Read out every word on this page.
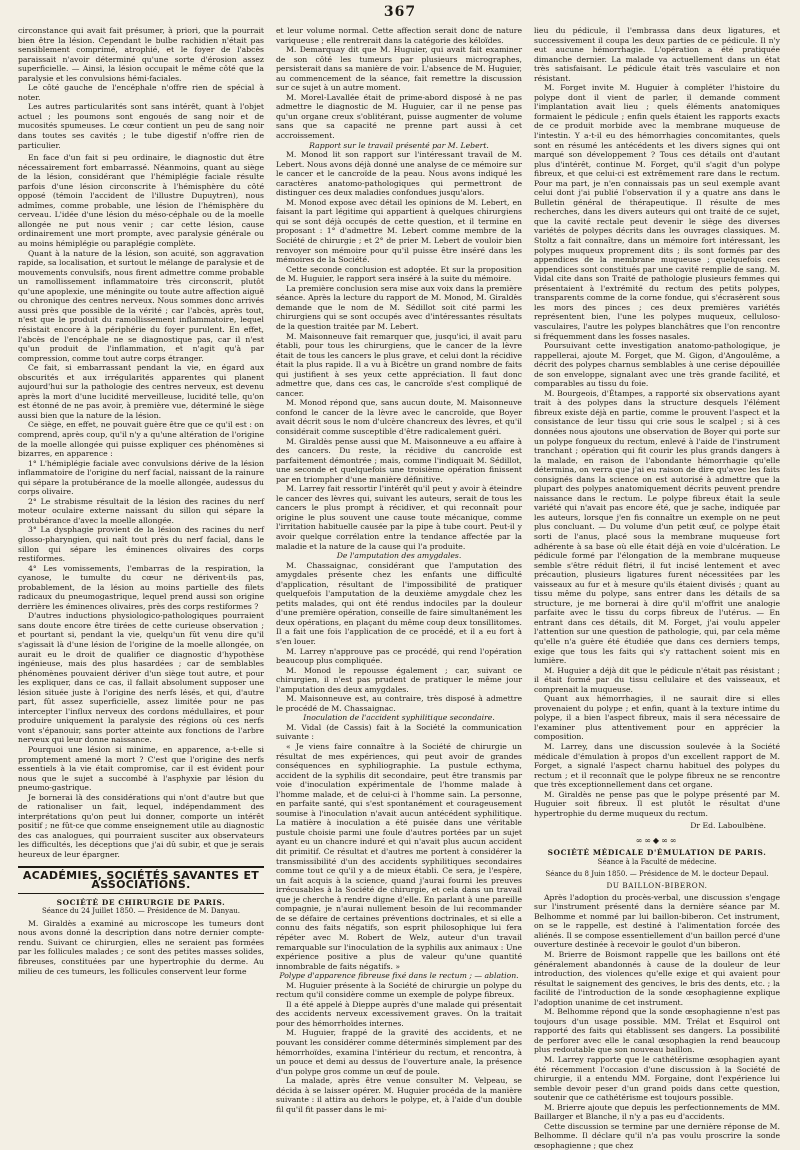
367

circonstance qui avait fait présumer, à priori, que la pourrait bien être la lésion. Cependant le bulbe rachidien n'était pas sensiblement comprimé, atrophié, et le foyer de l'abcès paraissait n'avoir déterminé qu'une sorte d'érosion assez superficielle. — Ainsi, la lésion occupait le même côté que la paralysie et les convulsions hémi-faciales.

Le côté gauche de l'encéphale n'offre rien de spécial à noter.

Les autres particularités sont sans intérêt, quant à l'objet actuel ; les poumons sont engoués de sang noir et de mucosités spumeuses. Le cœur contient un peu de sang noir dans toutes ses cavités ; le tube digestif n'offre rien de particulier.

En face d'un fait si peu ordinaire, le diagnostic dut être nécessairement fort embarrassé. Néanmoins, quant au siège de la lésion, considérant que l'hémiplégie faciale résulte parfois d'une lésion circonscrite à l'hémisphère du côté opposé (témoin l'accident de l'illustre Dupuytren), nous admîmes, comme probable, une lésion de l'hémisphère du cerveau. L'idée d'une lésion du méso-céphale ou de la moelle allongée ne put nous venir ; car cette lésion, cause ordinairement une mort prompte, avec paralysie générale ou au moins hémiplégie ou paraplégie complète.

Quant à la nature de la lésion, son acuité, son aggravation rapide, sa localisation, et surtout le mélange de paralysie et de mouvements convulsifs, nous firent admettre comme probable un ramollissement inflammatoire très circonscrit, plutôt qu'une apoplexie, une méningite ou toute autre affection aiguë ou chronique des centres nerveux. Nous sommes donc arrivés aussi près que possible de la vérité ; car l'abcès, après tout, n'est que le produit du ramollissement inflammatoire, lequel résistait encore à la périphérie du foyer purulent. En effet, l'abcès de l'encéphale ne se diagnostique pas, car il n'est qu'un produit de l'inflammation, et n'agit qu'à par compression, comme tout autre corps étranger.

Ce fait, si embarrassant pendant la vie, en égard aux obscurités et aux irrégularités apparentes qui planent aujourd'hui sur la pathologie des centres nerveux, est devenu après la mort d'une lucidité merveilleuse, lucidité telle, qu'on est étonné de ne pas avoir, à première vue, déterminé le siège aussi bien que la nature de la lésion.

Ce siège, en effet, ne pouvait guère être que ce qu'il est : on comprend, après coup, qu'il n'y a qu'une altération de l'origine de la moelle allongée qui puisse expliquer ces phénomènes si bizarres, en apparence :

1° L'hémiplégie faciale avec convulsions dérive de la lésion inflammatoire de l'origine du nerf facial, naissant de la rainure qui sépare la protubérance de la moelle allongée, audessus du corps olivaire.

2° Le strabisme résultait de la lésion des racines du nerf moteur oculaire externe naissant du sillon qui sépare la protubérance d'avec la moelle allongée.

3° La dysphagie provient de la lésion des racines du nerf glosso-pharyngien, qui naît tout près du nerf facial, dans le sillon qui sépare les éminences olivaires des corps restiformes.

4° Les vomissements, l'embarras de la respiration, la cyanose, le tumulte du cœur ne dérivent-ils pas, probablement, de la lésion au moins partielle des filets radicaux du pneumogastrique, lequel prend aussi son origine derrière les éminences olivaires, près des corps restiformes ?

D'autres inductions physiologico-pathologiques pourraient sans doute encore être tirées de cette curieuse observation ; et pourtant si, pendant la vie, quelqu'un fût venu dire qu'il s'agissait là d'une lésion de l'origine de la moelle allongée, on aurait eu le droit de qualifier ce diagnostic d'hypothèse ingénieuse, mais des plus hasardées ; car de semblables phénomènes pouvaient dériver d'un siège tout autre, et pour les expliquer, dans ce cas, il fallait absolument supposer une lésion située juste à l'origine des nerfs lésés, et qui, d'autre part, fût assez superficielle, assez limitée pour ne pas intercepter l'influx nerveux des cordons médullaires, et pour produire uniquement la paralysie des régions où ces nerfs vont s'épanouir, sans porter atteinte aux fonctions de l'arbre nerveux qui leur donne naissance.

Pourquoi une lésion si minime, en apparence, a-t-elle si promptement amené la mort ? C'est que l'origine des nerfs essentiels à la vie était compromise, car il est évident pour nous que le sujet a succombé à l'asphyxie par lésion du pneumo-gastrique.

Je bornerai là des considérations qui n'ont d'autre but que de rationaliser un fait, lequel, indépendamment des interprétations qu'on peut lui donner, comporte un intérêt positif ; ne fût-ce que comme enseignement utile au diagnostic des cas analogues, qui pourraient susciter aux observateurs les difficultés, les déceptions que j'ai dû subir, et que je serais heureux de leur épargner.

ACADÉMIES, SOCIÉTÉS SAVANTES ET ASSOCIATIONS.
SOCIÉTÉ DE CHIRURGIE DE PARIS.
Séance du 24 Juillet 1850. — Présidence de M. Danyau.

M. Giraldès a examiné au microscope les tumeurs dont nous avons donné la description dans notre dernier compte-rendu. Suivant ce chirurgien, elles ne seraient pas formées par les follicules malades ; ce sont des petites masses solides, fibreuses, constituées par une hypertrophie du derme. Au milieu de ces tumeurs, les follicules conservent leur forme

et leur volume normal. Cette affection serait donc de nature variqueuse ; elle rentrerait dans la catégorie des kéloïdes.

M. Demarquay dit que M. Huguier, qui avait fait examiner de son côté les tumeurs par plusieurs micrographes, persisterait dans sa manière de voir. L'absence de M. Huguier, au commencement de la séance, fait remettre la discussion sur ce sujet à un autre moment.

M. Morel-Lavallée était de prime-abord disposé à ne pas admettre le diagnostic de M. Huguier, car il ne pense pas qu'un organe creux s'oblitérant, puisse augmenter de volume sans que sa capacité ne prenne part aussi à cet accroissement.

Rapport sur le travail présenté par M. Lebert.

M. Monod lit son rapport sur l'intéressant travail de M. Lebert. Nous avons déjà donné une analyse de ce mémoire sur le cancer et le cancroïde de la peau. Nous avons indiqué les caractères anatomo-pathologiques qui permettront de distinguer ces deux maladies confondues jusqu'alors.

M. Monod expose avec détail les opinions de M. Lebert, en faisant la part légitime qui appartient à quelques chirurgiens qui se sont déjà occupés de cette question, et il termine en proposant : 1° d'admettre M. Lebert comme membre de la Société de chirurgie ; et 2° de prier M. Lebert de vouloir bien renvoyer son mémoire pour qu'il puisse être inséré dans les mémoires de la Société.

Cette seconde conclusion est adoptée. Et sur la proposition de M. Huguier, le rapport sera inséré à la suite du mémoire.

La première conclusion sera mise aux voix dans la première séance. Après la lecture du rapport de M. Monod, M. Giraldès demande que le nom de M. Sédillot soit cité parmi les chirurgiens qui se sont occupés avec d'intéressantes résultats de la question traitée par M. Lebert.

M. Maisonneuve fait remarquer que, jusqu'ici, il avait paru établi, pour tous les chirurgiens, que le cancer de la lèvre était de tous les cancers le plus grave, et celui dont la récidive était la plus rapide. Il a vu à Bicêtre un grand nombre de faits qui justifient à ses yeux cette appréciation. Il faut donc admettre que, dans ces cas, le cancroïde s'est compliqué de cancer.

M. Monod répond que, sans aucun doute, M. Maisonneuve confond le cancer de la lèvre avec le cancroïde, que Boyer avait décrit sous le nom d'ulcère chancreux des lèvres, et qu'il considérait comme susceptible d'être radicalement guéri.

M. Giraldès pense aussi que M. Maisonneuve a eu affaire à des cancers. Du reste, la récidive du cancroïde est parfaitement démontrée ; mais, comme l'indiquait M. Sédillot, une seconde et quelquefois une troisième opération finissent par en triompher d'une manière définitive.

M. Larrey fait ressortir l'intérêt qu'il peut y avoir à éteindre le cancer des lèvres qui, suivant les auteurs, serait de tous les cancers le plus prompt à récidiver, et qui reconnaît pour origine le plus souvent une cause toute mécanique, comme l'irritation habituelle causée par la pipe à tube court. Peut-il y avoir quelque corrélation entre la tendance affectée par la maladie et la nature de la cause qui l'a produite.

De l'amputation des amygdales.

M. Chassaignac, considérant que l'amputation des amygdales présente chez les enfants une difficulté d'application, résultant de l'impossibilité de pratiquer quelquefois l'amputation de la deuxième amygdale chez les petits malades, qui ont été rendus indociles par la douleur d'une première opération, conseille de faire simultanément les deux opérations, en plaçant du même coup deux tonsillitomes. Il a fait une fois l'application de ce procédé, et il a eu fort à s'en louer.

M. Larrey n'approuve pas ce procédé, qui rend l'opération beaucoup plus compliquée.

M. Monod le repousse également ; car, suivant ce chirurgien, il n'est pas prudent de pratiquer le même jour l'amputation des deux amygdales.

M. Maisonneuve est, au contraire, très disposé à admettre le procédé de M. Chassaignac.

Inoculation de l'accident syphilitique secondaire.

M. Vidal (de Cassis) fait à la Société la communication suivante :

« Je viens faire connaître à la Société de chirurgie un résultat de mes expériences, qui peut avoir de grandes conséquences en syphiliographie. La pustule ecthyma, accident de la syphilis dit secondaire, peut être transmis par voie d'inoculation expérimentale de l'homme malade à l'homme malade, et de celui-ci à l'homme sain. La personne, en parfaite santé, qui s'est spontanément et courageusement soumise à l'inoculation n'avait aucun antécédent syphilitique. La matière à inoculation a été puisée dans une véritable pustule choisie parmi une foule d'autres portées par un sujet ayant eu un chancre induré et qui n'avait plus aucun accident dit primitif. Ce résultat et d'autres me portent à considérer la transmissibilité d'un des accidents syphilitiques secondaires comme tout ce qu'il y a de mieux établi. Ce sera, je l'espère, un fait acquis à la science, quand j'aurai fourni les preuves irrécusables à la Société de chirurgie, et cela dans un travail que je cherche à rendre digne d'elle. En parlant à une pareille compagnie, je n'aurai nullement besoin de lui recommander de se défaire de certaines préventions doctrinales, et si elle a connu des faits négatifs, son esprit philosophique lui fera répéter avec M. Robert de Welz, auteur d'un travail remarquable sur l'inoculation de la syphilis aux animaux : Une expérience positive a plus de valeur qu'une quantité innombrable de faits négatifs. »

Polype d'apparence fibreuse fixé dans le rectum ; — ablation.

M. Huguier présente à la Société de chirurgie un polype du rectum qu'il considère comme un exemple de polype fibreux.

Il a été appelé à Dieppe auprès d'une malade qui présentait des accidents nerveux excessivement graves. On la traitait pour des hémorrhoïdes internes.

M. Huguier, frappé de la gravité des accidents, et ne pouvant les considérer comme déterminés simplement par des hémorrhoïdes, examina l'intérieur du rectum, et rencontra, à un pouce et demi au dessus de l'ouverture anale, la présence d'un polype gros comme un œuf de poule.

La malade, après être venue consulter M. Velpeau, se décida à se laisser opérer. M. Huguier procéda de la manière suivante : il attira au dehors le polype, et, à l'aide d'un double fil qu'il fit passer dans le mi-

lieu du pédicule, il l'embrassa dans deux ligatures, et successivement il coupa les deux parties de ce pédicule. Il n'y eut aucune hémorrhagie. L'opération a été pratiquée dimanche dernier. La malade va actuellement dans un état très satisfaisant. Le pédicule était très vasculaire et non résistant.

M. Forget invite M. Huguier à compléter l'histoire du polype dont il vient de parler, il demande comment l'implantation avait lieu ; quels éléments anatomiques formaient le pédicule ; enfin quels étaient les rapports exacts de ce produit morbide avec la membrane muqueuse de l'intestin. Y a-t-il eu des hémorrhagies concomitantes, quels sont en résumé les antécédents et les divers signes qui ont marqué son développement ? Tous ces détails ont d'autant plus d'intérêt, continue M. Forget, qu'il s'agit d'un polype fibreux, et que celui-ci est extrêmement rare dans le rectum. Pour ma part, je n'en connaissais pas un seul exemple avant celui dont j'ai publié l'observation il y a quatre ans dans le Bulletin général de thérapeutique. Il résulte de mes recherches, dans les divers auteurs qui ont traité de ce sujet, que la cavité rectale peut devenir le siège des diverses variétés de polypes décrits dans les ouvrages classiques. M. Stoltz a fait connaître, dans un mémoire fort intéressant, les polypes muqueux proprement dits ; ils sont formés par des appendices de la membrane muqueuse ; quelquefois ces appendices sont constitués par une cavité remplie de sang. M. Vidal cite dans son Traité de pathologie plusieurs femmes qui présentaient à l'extrémité du rectum des petits polypes, transparents comme de la corne fondue, qui s'écrasèrent sous les mors des pinces ; ces deux premières variétés représentent bien, l'une les polypes muqueux, celluloso-vasculaires, l'autre les polypes blanchâtres que l'on rencontre si fréquemment dans les fosses nasales.

Poursuivant cette investigation anatomo-pathologique, je rappellerai, ajoute M. Forget, que M. Gigon, d'Angoulême, a décrit des polypes charnus semblables à une cerise dépouillée de son enveloppe, signalant avec une très grande facilité, et comparables au tissu du foie.

M. Bourgeois, d'Étampes, a rapporté six observations ayant trait à des polypes dans la structure desquels l'élément fibreux existe déjà en partie, comme le prouvent l'aspect et la consistance de leur tissu qui crie sous le scalpel ; si à ces données nous ajoutons une observation de Boyer qui porte sur un polype fongueux du rectum, enlevé à l'aide de l'instrument tranchant ; opération qui fit courir les plus grands dangers à la malade, en raison de l'abondante hémorrhagie qu'elle détermina, on verra que j'ai eu raison de dire qu'avec les faits consignés dans la science on est autorisé à admettre que la plupart des polypes anatomiquement décrits peuvent prendre naissance dans le rectum. Le polype fibreux était la seule variété qui n'avait pas encore été, que je sache, indiquée par les auteurs, lorsque j'en fis connaître un exemple on ne peut plus concluant. — Du volume d'un petit œuf, ce polype était sorti de l'anus, placé sous la membrane muqueuse fort adhérente à sa base où elle était déjà en voie d'ulcération. Le pédicule formé par l'élongation de la membrane muqueuse semble s'être réduit flétri, il fut incisé lentement et avec précaution, plusieurs ligatures furent nécessitées par les vaisseaux au fur et à mesure qu'ils étaient divisés ; quant au tissu même du polype, sans entrer dans les détails de sa structure, je me bornerai à dire qu'il m'offrit une analogie parfaite avec le tissu du corps fibreux de l'utérus. — En entrant dans ces détails, dit M. Forget, j'ai voulu appeler l'attention sur une question de pathologie, qui, par cela même qu'elle n'a guère été étudiée que dans ces derniers temps, exige que tous les faits qui s'y rattachent soient mis en lumière.

M. Huguier a déjà dit que le pédicule n'était pas résistant ; il était formé par du tissu cellulaire et des vaisseaux, et comprenait la muqueuse.

Quant aux hémorrhagies, il ne saurait dire si elles provenaient du polype ; et enfin, quant à la texture intime du polype, il a bien l'aspect fibreux, mais il sera nécessaire de l'examiner plus attentivement pour en apprécier la composition.

M. Larrey, dans une discussion soulevée à la Société médicale d'émulation à propos d'un excellent rapport de M. Forget, a signalé l'aspect charnu habituel des polypes du rectum ; et il reconnaît que le polype fibreux ne se rencontre que très exceptionnellement dans cet organe.

M. Giraldès ne pense pas que le polype présenté par M. Huguier soit fibreux. Il est plutôt le résultat d'une hypertrophie du derme muqueux du rectum.

Dr Ed. Laboulbène.
∞∞◆∞∞
SOCIÉTÉ MÉDICALE D'ÉMULATION DE PARIS.
Séance à la Faculté de médecine.
Séance du 8 Juin 1850. — Présidence de M. le docteur Depaul.
DU BAILLON-BIBERON.

Après l'adoption du procès-verbal, une discussion s'engage sur l'instrument présenté dans la dernière séance par M. Belhomme et nommé par lui baillon-biberon. Cet instrument, on se le rappelle, est destiné à l'alimentation forcée des aliénés. Il se compose essentiellement d'un baillon percé d'une ouverture destinée à recevoir le goulot d'un biberon.

M. Brierre de Boismont rappelle que les baillons ont été généralement abandonnés à cause de la douleur de leur introduction, des violences qu'elle exige et qui avaient pour résultat le saignement des gencives, le bris des dents, etc. ; la facilité de l'introduction de la sonde œsophagienne explique l'adoption unanime de cet instrument.

M. Belhomme répond que la sonde œsophagienne n'est pas toujours d'un usage possible. MM. Trélat et Esquirol ont rapporté des faits qui établissent ses dangers. La possibilité de perforer avec elle le canal œsophagien la rend beaucoup plus redoutable que son nouveau baillon.

M. Larrey rapporte que le cathétérisme œsophagien ayant été récemment l'occasion d'une discussion à la Société de chirurgie, il a entendu MM. Forgaine, dont l'expérience lui semble devoir peser d'un grand poids dans cette question, soutenir que ce cathétérisme est toujours possible.

M. Brierre ajoute que depuis les perfectionnements de MM. Baillarger et Blanche, il n'y a pas eu d'accidents.

Cette discussion se termine par une dernière réponse de M. Belhomme. Il déclare qu'il n'a pas voulu proscrire la sonde œsophagienne ; que chez
